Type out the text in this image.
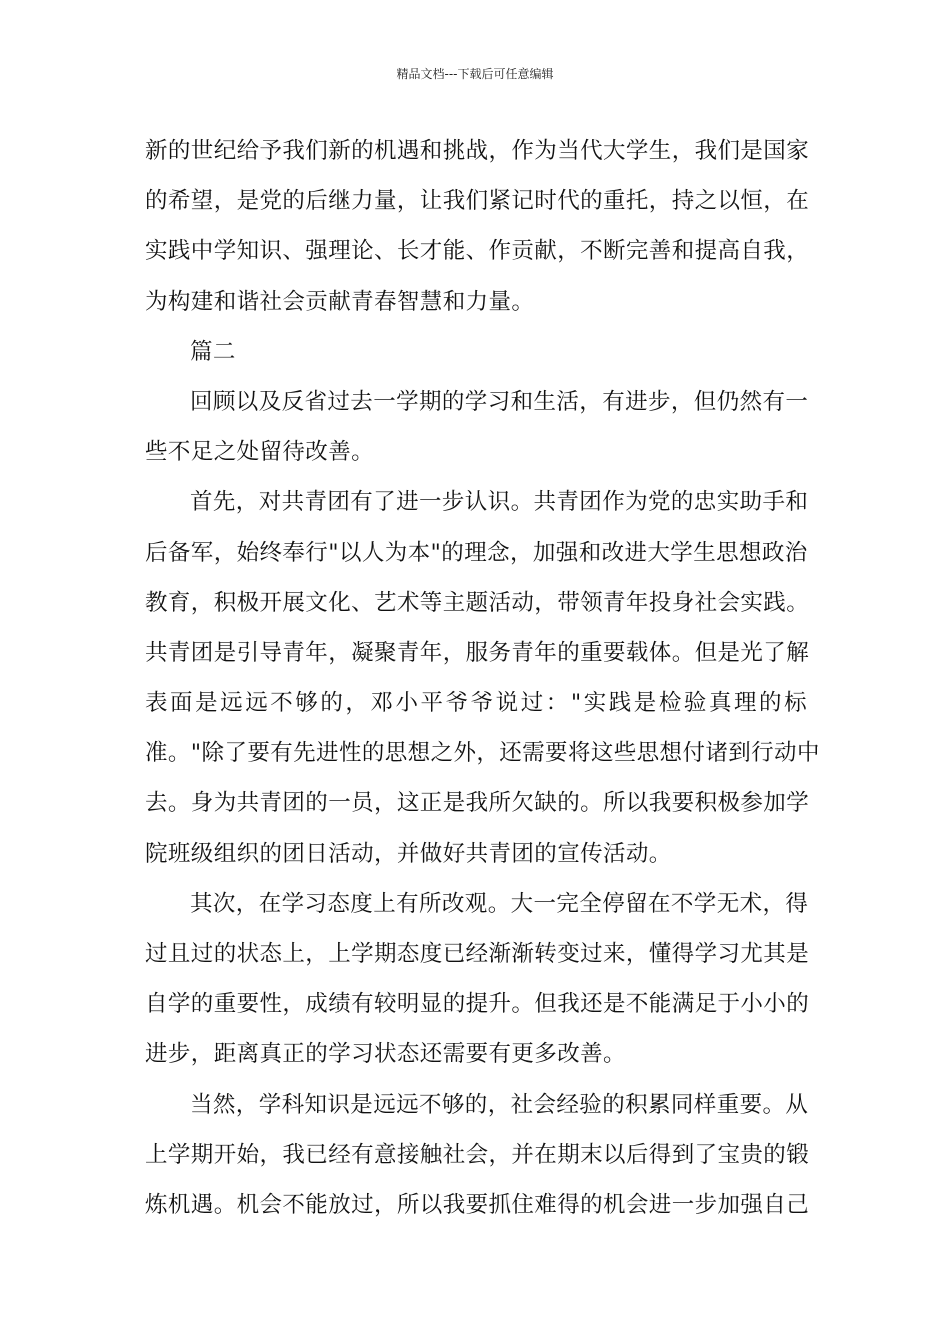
精品文档---下载后可任意编辑
新的世纪给予我们新的机遇和挑战，作为当代大学生，我们是国家
的希望，是党的后继力量，让我们紧记时代的重托，持之以恒，在
实践中学知识、强理论、长才能、作贡献，不断完善和提高自我，
为构建和谐社会贡献青春智慧和力量。
篇二
回顾以及反省过去一学期的学习和生活，有进步，但仍然有一
些不足之处留待改善。
首先，对共青团有了进一步认识。共青团作为党的忠实助手和
后备军，始终奉行"以人为本"的理念，加强和改进大学生思想政治
教育，积极开展文化、艺术等主题活动，带领青年投身社会实践。
共青团是引导青年，凝聚青年，服务青年的重要载体。但是光了解
表面是远远不够的，邓小平爷爷说过："实践是检验真理的标
准。"除了要有先进性的思想之外，还需要将这些思想付诸到行动中
去。身为共青团的一员，这正是我所欠缺的。所以我要积极参加学
院班级组织的团日活动，并做好共青团的宣传活动。
其次，在学习态度上有所改观。大一完全停留在不学无术，得
过且过的状态上，上学期态度已经渐渐转变过来，懂得学习尤其是
自学的重要性，成绩有较明显的提升。但我还是不能满足于小小的
进步，距离真正的学习状态还需要有更多改善。
当然，学科知识是远远不够的，社会经验的积累同样重要。从
上学期开始，我已经有意接触社会，并在期末以后得到了宝贵的锻
炼机遇。机会不能放过，所以我要抓住难得的机会进一步加强自己
